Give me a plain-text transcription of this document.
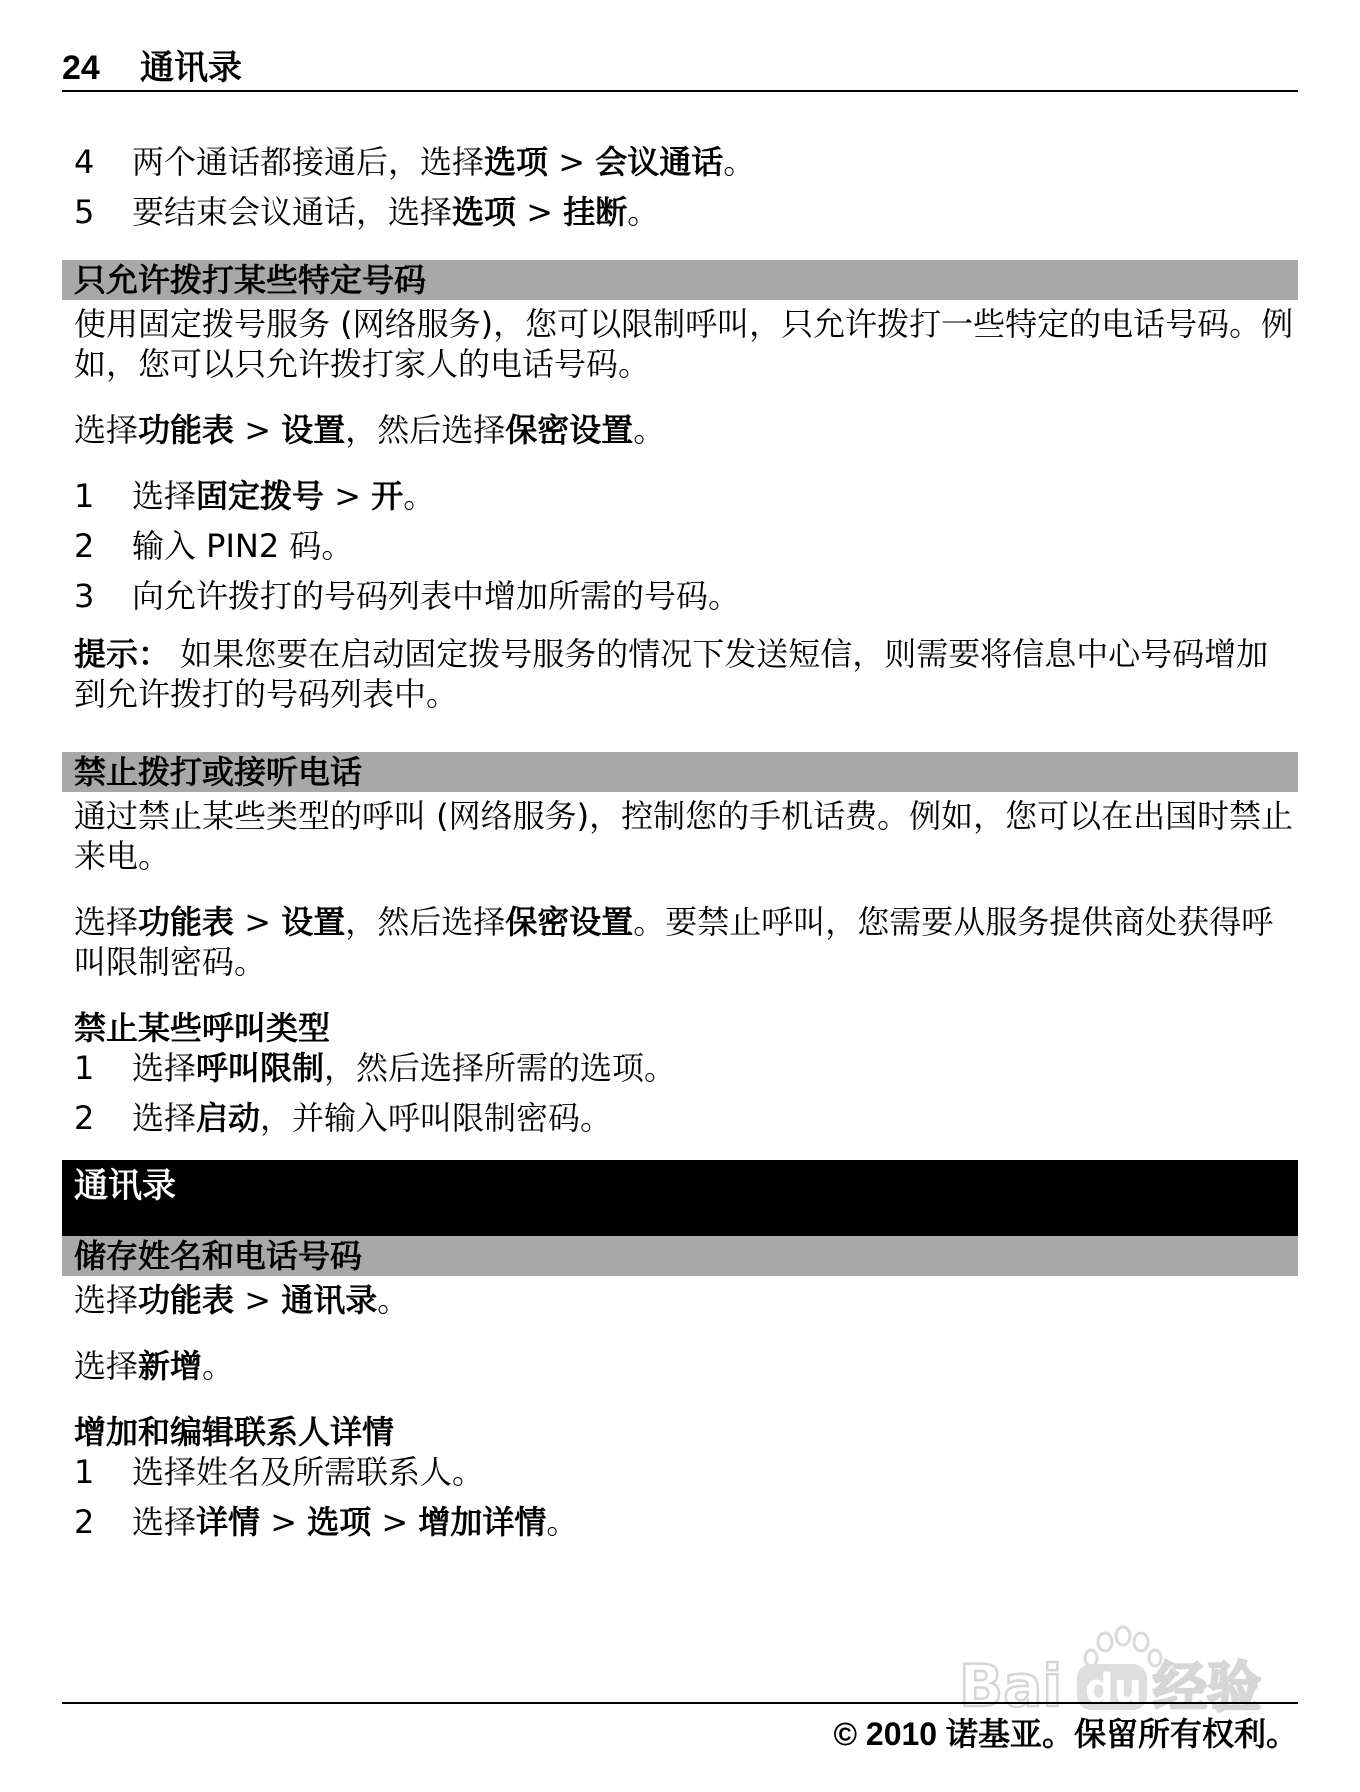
24 通讯录
4	两个通话都接通后，选择选项 > 会议通话。
5	要结束会议通话，选择选项 > 挂断。
只允许拨打某些特定号码

使用固定拨号服务 (网络服务)，您可以限制呼叫，只允许拨打一些特定的电话号码。例如，您可以只允许拨打家人的电话号码。

选择功能表 > 设置，然后选择保密设置。

1	选择固定拨号 > 开。
2	输入 PIN2 码。
3	向允许拨打的号码列表中增加所需的号码。

提示： 如果您要在启动固定拨号服务的情况下发送短信，则需要将信息中心号码增加到允许拨打的号码列表中。

禁止拨打或接听电话

通过禁止某些类型的呼叫 (网络服务)，控制您的手机话费。例如，您可以在出国时禁止来电。

选择功能表 > 设置，然后选择保密设置。要禁止呼叫，您需要从服务提供商处获得呼叫限制密码。

禁止某些呼叫类型
1	选择呼叫限制，然后选择所需的选项。
2	选择启动，并输入呼叫限制密码。
通讯录
储存姓名和电话号码

选择功能表 > 通讯录。

选择新增。

增加和编辑联系人详情
1	选择姓名及所需联系人。
2	选择详情 > 选项 > 增加详情。
Bai du 经验
© 2010 诺基亚。保留所有权利。
